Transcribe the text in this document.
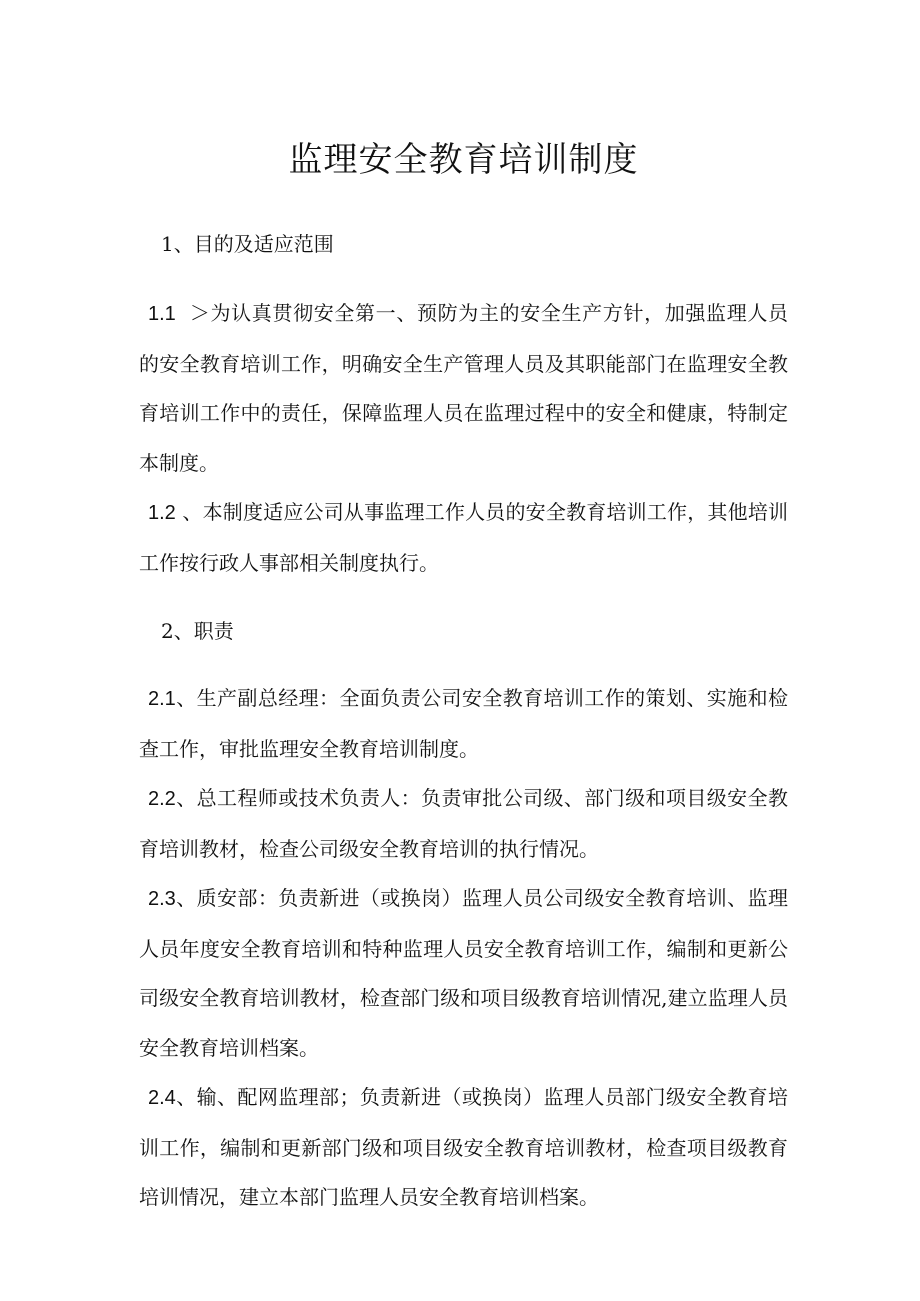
监理安全教育培训制度

1、目的及适应范围

1.1 ＞为认真贯彻安全第一、预防为主的安全生产方针，加强监理人员的安全教育培训工作，明确安全生产管理人员及其职能部门在监理安全教育培训工作中的责任，保障监理人员在监理过程中的安全和健康，特制定本制度。

1.2 、本制度适应公司从事监理工作人员的安全教育培训工作，其他培训工作按行政人事部相关制度执行。

2、职责

2.1、生产副总经理：全面负责公司安全教育培训工作的策划、实施和检查工作，审批监理安全教育培训制度。

2.2、总工程师或技术负责人：负责审批公司级、部门级和项目级安全教育培训教材，检查公司级安全教育培训的执行情况。

2.3、质安部：负责新进（或换岗）监理人员公司级安全教育培训、监理人员年度安全教育培训和特种监理人员安全教育培训工作，编制和更新公司级安全教育培训教材，检查部门级和项目级教育培训情况,建立监理人员安全教育培训档案。

2.4、输、配网监理部；负责新进（或换岗）监理人员部门级安全教育培训工作，编制和更新部门级和项目级安全教育培训教材，检查项目级教育培训情况，建立本部门监理人员安全教育培训档案。
